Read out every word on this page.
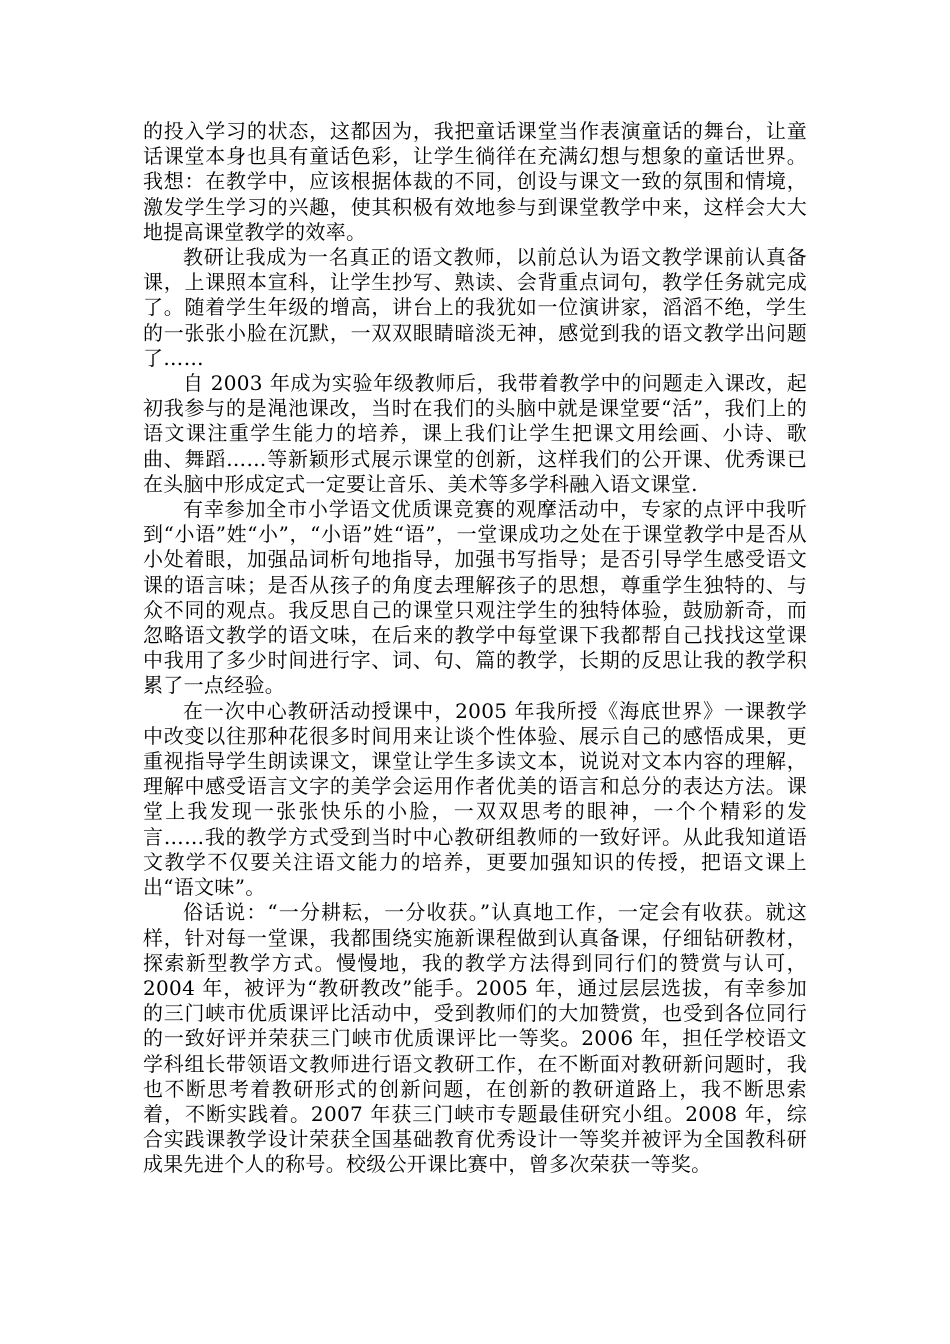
的投入学习的状态，这都因为，我把童话课堂当作表演童话的舞台，让童话课堂本身也具有童话色彩，让学生徜徉在充满幻想与想象的童话世界。我想：在教学中，应该根据体裁的不同，创设与课文一致的氛围和情境，激发学生学习的兴趣，使其积极有效地参与到课堂教学中来，这样会大大地提高课堂教学的效率。

教研让我成为一名真正的语文教师，以前总认为语文教学课前认真备课，上课照本宣科，让学生抄写、熟读、会背重点词句，教学任务就完成了。随着学生年级的增高，讲台上的我犹如一位演讲家，滔滔不绝，学生的一张张小脸在沉默，一双双眼睛暗淡无神，感觉到我的语文教学出问题了……

自 2003 年成为实验年级教师后，我带着教学中的问题走入课改，起初我参与的是渑池课改，当时在我们的头脑中就是课堂要“活”，我们上的语文课注重学生能力的培养，课上我们让学生把课文用绘画、小诗、歌曲、舞蹈……等新颖形式展示课堂的创新，这样我们的公开课、优秀课已在头脑中形成定式一定要让音乐、美术等多学科融入语文课堂.

有幸参加全市小学语文优质课竞赛的观摩活动中，专家的点评中我听到“小语”姓“小”，“小语”姓“语”，一堂课成功之处在于课堂教学中是否从小处着眼，加强品词析句地指导，加强书写指导；是否引导学生感受语文课的语言味；是否从孩子的角度去理解孩子的思想，尊重学生独特的、与众不同的观点。我反思自己的课堂只观注学生的独特体验，鼓励新奇，而忽略语文教学的语文味，在后来的教学中每堂课下我都帮自己找找这堂课中我用了多少时间进行字、词、句、篇的教学，长期的反思让我的教学积累了一点经验。

在一次中心教研活动授课中，2005 年我所授《海底世界》一课教学中改变以往那种花很多时间用来让谈个性体验、展示自己的感悟成果，更重视指导学生朗读课文，课堂让学生多读文本，说说对文本内容的理解，理解中感受语言文字的美学会运用作者优美的语言和总分的表达方法。课堂上我发现一张张快乐的小脸，一双双思考的眼神，一个个精彩的发言……我的教学方式受到当时中心教研组教师的一致好评。从此我知道语文教学不仅要关注语文能力的培养，更要加强知识的传授，把语文课上出“语文味”。

俗话说：“一分耕耘，一分收获。”认真地工作，一定会有收获。就这样，针对每一堂课，我都围绕实施新课程做到认真备课，仔细钻研教材，探索新型教学方式。慢慢地，我的教学方法得到同行们的赞赏与认可，2004 年，被评为“教研教改”能手。2005 年，通过层层选拔，有幸参加的三门峡市优质课评比活动中，受到教师们的大加赞赏，也受到各位同行的一致好评并荣获三门峡市优质课评比一等奖。2006 年，担任学校语文学科组长带领语文教师进行语文教研工作，在不断面对教研新问题时，我也不断思考着教研形式的创新问题，在创新的教研道路上，我不断思索着，不断实践着。2007 年获三门峡市专题最佳研究小组。2008 年，综合实践课教学设计荣获全国基础教育优秀设计一等奖并被评为全国教科研成果先进个人的称号。校级公开课比赛中，曾多次荣获一等奖。
